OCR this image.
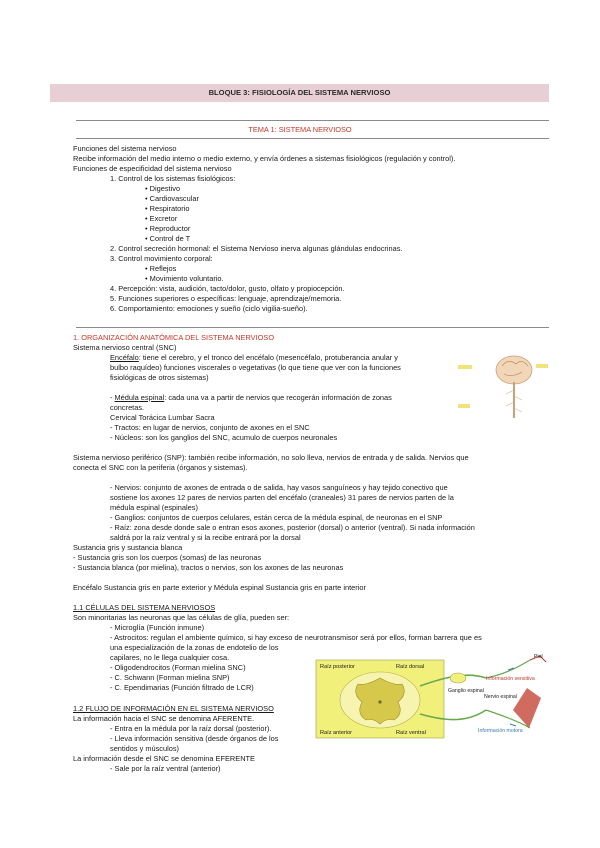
BLOQUE 3: FISIOLOGÍA DEL SISTEMA NERVIOSO
TEMA 1: SISTEMA NERVIOSO
Funciones del sistema nervioso
Recibe información del medio interno o medio externo, y envía órdenes a sistemas fisiológicos (regulación y control).
Funciones de especificidad del sistema nervioso
1. Control de los sistemas fisiológicos:
• Digestivo
• Cardiovascular
• Respiratorio
• Excretor
• Reproductor
• Control de T
2. Control secreción hormonal: el Sistema Nervioso inerva algunas glándulas endocrinas.
3. Control movimiento corporal:
• Reflejos
• Movimiento voluntario.
4. Percepción: vista, audición, tacto/dolor, gusto, olfato y propiocepción.
5. Funciones superiores o específicas: lenguaje, aprendizaje/memoria.
6. Comportamiento: emociones y sueño (ciclo vigilia-sueño).
1. ORGANIZACIÓN ANATÓMICA DEL SISTEMA NERVIOSO
Sistema nervioso central (SNC)
Encéfalo: tiene el cerebro, y el tronco del encéfalo (mesencéfalo, protuberancia anular y
bulbo raquídeo) funciones viscerales o vegetativas (lo que tiene que ver con la funciones
fisiológicas de otros sistemas)
- Médula espinal: cada una va a partir de nervios que recogerán información de zonas
concretas.
Cervical Torácica Lumbar Sacra
- Tractos: en lugar de nervios, conjunto de axones en el SNC
- Núcleos: son los ganglios del SNC, acumulo de cuerpos neuronales
Sistema nervioso periférico (SNP): también recibe información, no solo lleva, nervios de entrada y de salida. Nervios que
conecta el SNC con la periferia (órganos y sistemas).
- Nervios: conjunto de axones de entrada o de salida, hay vasos sanguíneos y hay tejido conectivo que
sostiene los axones 12 pares de nervios parten del encéfalo (craneales) 31 pares de nervios parten de la
médula espinal (espinales)
- Ganglios: conjuntos de cuerpos celulares, están cerca de la médula espinal, de neuronas en el SNP
- Raíz: zona desde donde sale o entran esos axones, posterior (dorsal) o anterior (ventral). Si nada información
saldrá por la raíz ventral y si la recibe entrará por la dorsal
Sustancia gris y sustancia blanca
- Sustancia gris son los cuerpos (somas) de las neuronas
- Sustancia blanca (por mielina), tractos o nervios, son los axones de las neuronas
Encéfalo Sustancia gris en parte exterior y Médula espinal Sustancia gris en parte interior
1.1 CÉLULAS DEL SISTEMA NERVIOSOS
Son minoritarias las neuronas que las células de glía, pueden ser:
- Microglía (Función inmune)
- Astrocitos: regulan el ambiente químico, si hay exceso de neurotransmisor será por ellos, forman barrera que es
una especialización de la zonas de endotelio de los
capilares, no le llega cualquier cosa.
- Oligodendrocitos (Forman mielina SNC)
- C. Schwann (Forman mielina SNP)
- C. Ependimarias (Función filtrado de LCR)
Raíz posterior	Raíz dorsal
Ganglio espinal
Nervio espinal
Raíz anterior	Raíz ventral
Información sensitiva
Información motora
Piel
1.2 FLUJO DE INFORMACIÓN EN EL SISTEMA NERVIOSO
La información hacia el SNC se denomina AFERENTE.
- Entra en la médula por la raíz dorsal (posterior).
- Lleva información sensitiva (desde órganos de los
sentidos y músculos)
La información desde el SNC se denomina EFERENTE
- Sale por la raíz ventral (anterior)
